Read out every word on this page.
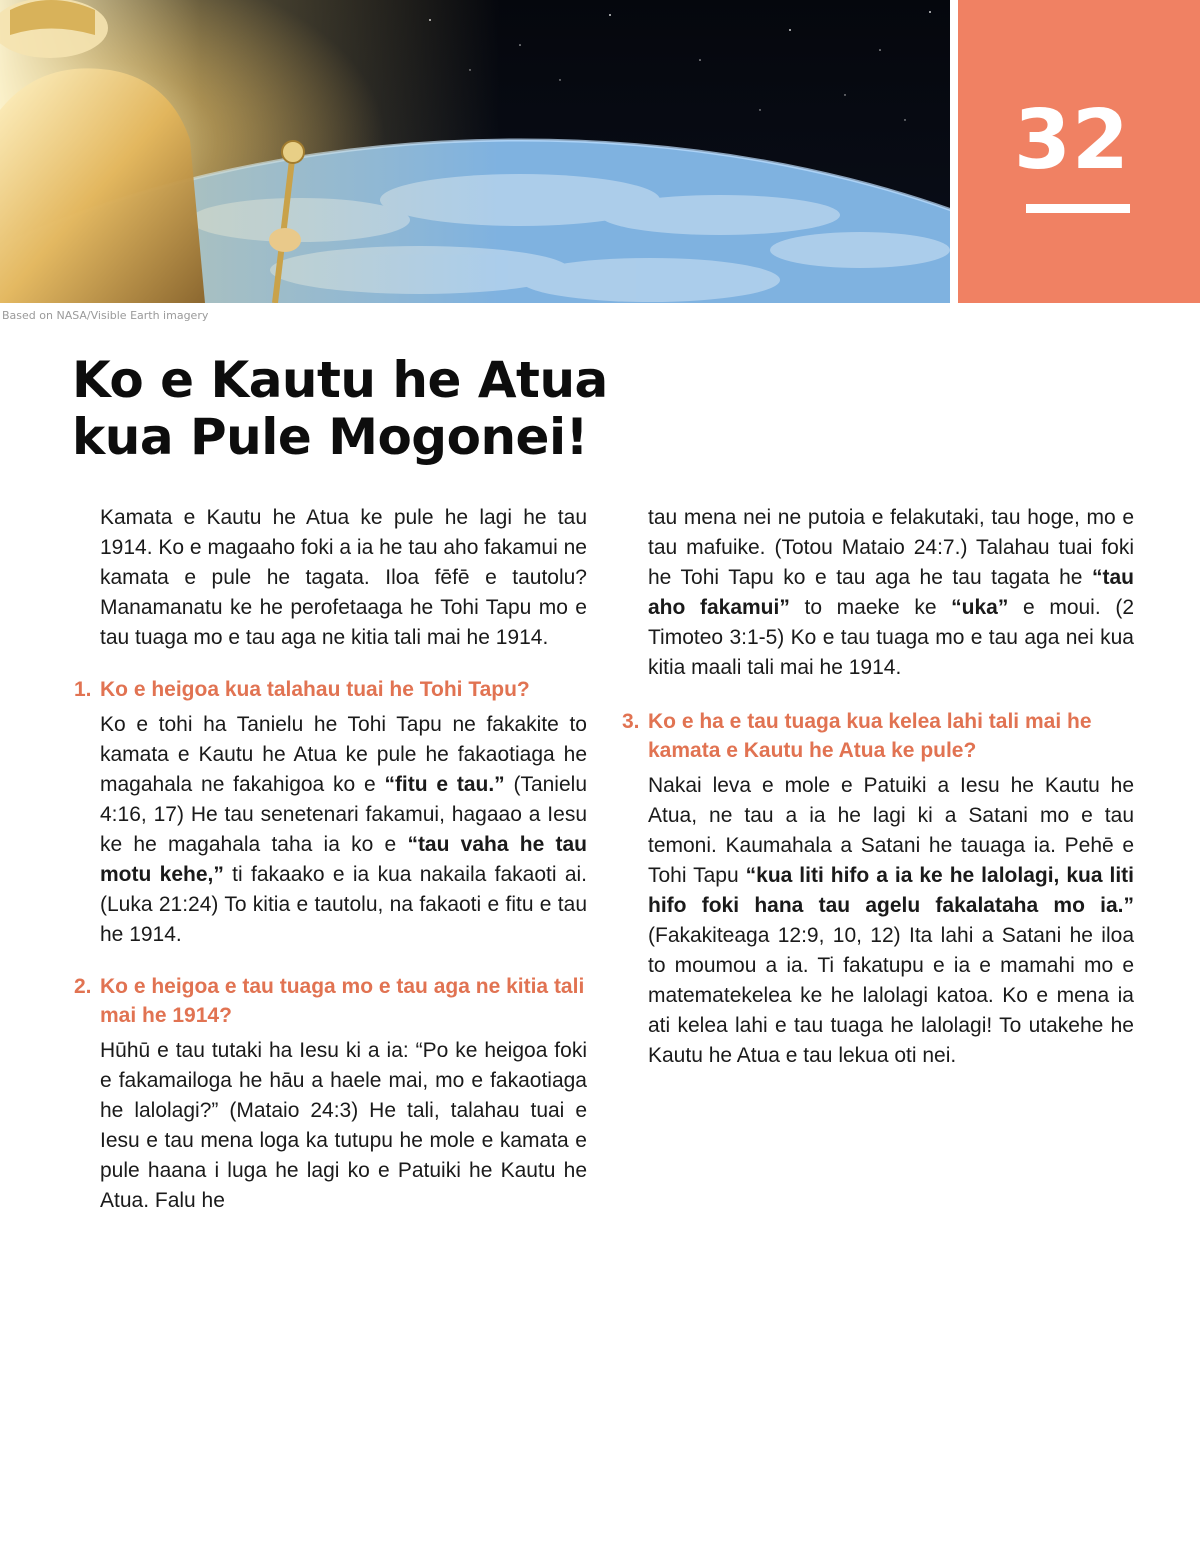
32
Based on NASA/Visible Earth imagery
Ko e Kautu he Atua
kua Pule Mogonei!

Kamata e Kautu he Atua ke pule he lagi he tau 1914. Ko e magaaho foki a ia he tau aho fakamui ne kamata e pule he tagata. Iloa fēfē e tautolu? Manamanatu ke he perofetaaga he Tohi Tapu mo e tau tuaga mo e tau aga ne kitia tali mai he 1914.

1. Ko e heigoa kua talahau tuai he Tohi Tapu?

Ko e tohi ha Tanielu he Tohi Tapu ne fakakite to kamata e Kautu he Atua ke pule he fakaotiaga he magahala ne fakahigoa ko e “fitu e tau.” (Tanielu 4:16, 17) He tau senetenari fakamui, hagaao a Iesu ke he magahala taha ia ko e “tau vaha he tau motu kehe,” ti fakaako e ia kua nakaila fakaoti ai. (Luka 21:24) To kitia e tautolu, na fakaoti e fitu e tau he 1914.

2. Ko e heigoa e tau tuaga mo e tau aga ne kitia tali mai he 1914?

Hūhū e tau tutaki ha Iesu ki a ia: “Po ke heigoa foki e fakamailoga he hāu a haele mai, mo e fakaotiaga he lalolagi?” (Mataio 24:3) He tali, talahau tuai e Iesu e tau mena loga ka tutupu he mole e kamata e pule haana i luga he lagi ko e Patuiki he Kautu he Atua. Falu he

tau mena nei ne putoia e felakutaki, tau hoge, mo e tau mafuike. (Totou Mataio 24:7.) Talahau tuai foki he Tohi Tapu ko e tau aga he tau tagata he “tau aho fakamui” to maeke ke “uka” e moui. (2 Timoteo 3:1-5) Ko e tau tuaga mo e tau aga nei kua kitia maali tali mai he 1914.

3. Ko e ha e tau tuaga kua kelea lahi tali mai he kamata e Kautu he Atua ke pule?

Nakai leva e mole e Patuiki a Iesu he Kautu he Atua, ne tau a ia he lagi ki a Satani mo e tau temoni. Kaumahala a Satani he tauaga ia. Pehē e Tohi Tapu “kua liti hifo a ia ke he lalolagi, kua liti hifo foki hana tau agelu fakalataha mo ia.” (Fakakiteaga 12:9, 10, 12) Ita lahi a Satani he iloa to moumou a ia. Ti fakatupu e ia e mamahi mo e matematekelea ke he lalolagi katoa. Ko e mena ia ati kelea lahi e tau tuaga he lalolagi! To utakehe he Kautu he Atua e tau lekua oti nei.
